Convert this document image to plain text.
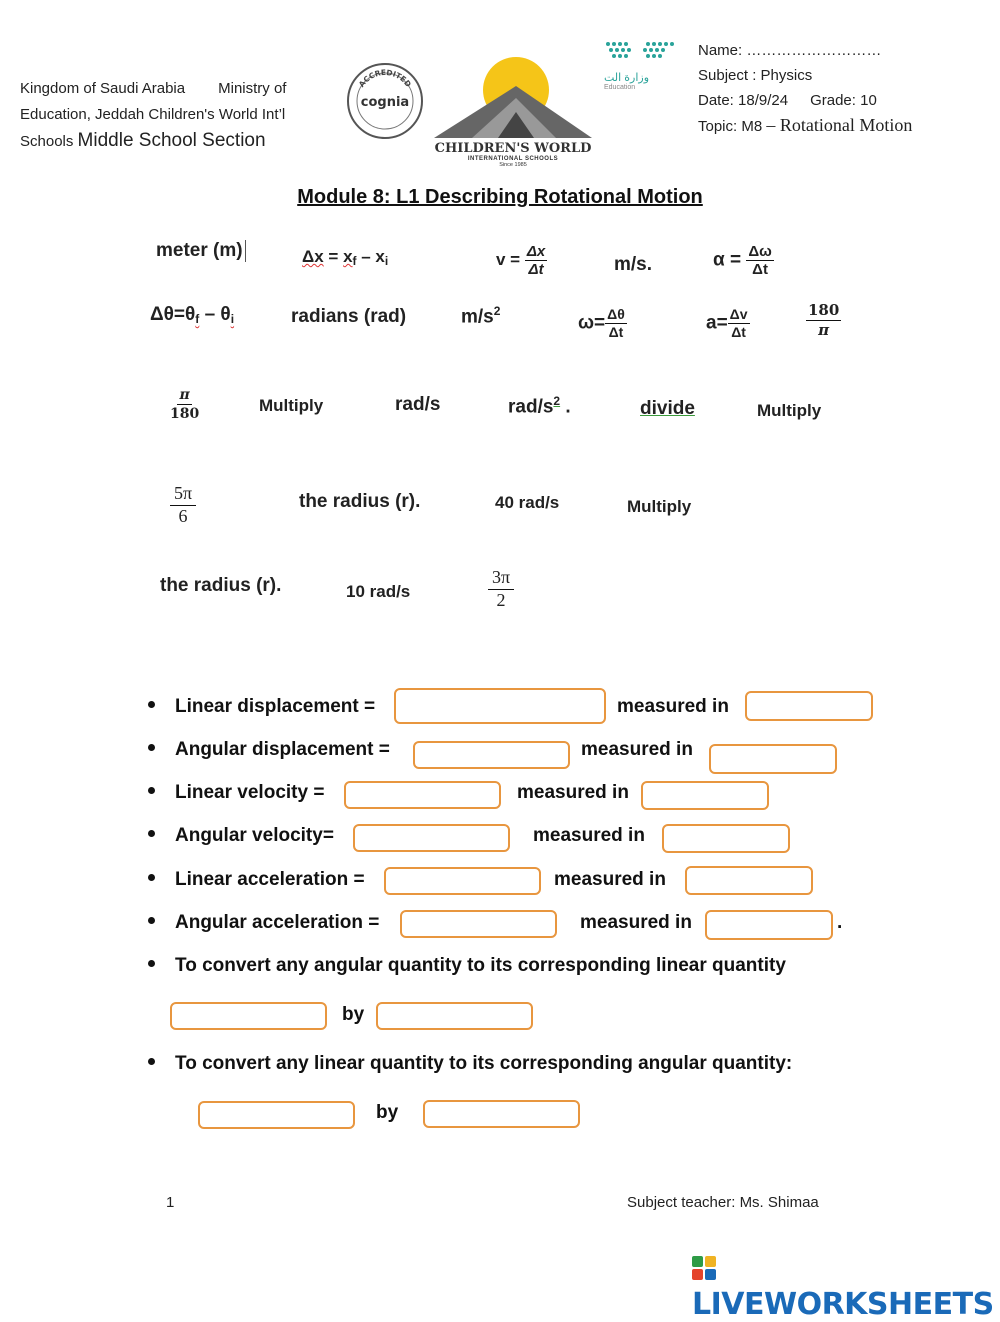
Kingdom of Saudi Arabia Ministry of
Education, Jeddah Children's World Int’l
Schools Middle School Section
ACCREDITED
cognia
CHILDREN'S WORLD
INTERNATIONAL SCHOOLS
Since 1985
وزارة الت
Education
Name: ………………………
Subject : Physics
Date: 18/9/24 Grade: 10
Topic: M8 – Rotational Motion
Module 8: L1 Describing Rotational Motion
meter (m)	$\Delta x = x_f - x_i$	$v = \frac{\Delta x}{\Delta t}$	m/s.	$\alpha = \frac{\Delta\omega}{\Delta t}$
$\Delta\theta=\theta_f - \theta_i$	radians (rad)	$m/s^2$
$\omega= \frac{\Delta\theta}{\Delta t}$	$a= \frac{\Delta v}{\Delta t}$	$\frac{180}{\pi}$
$\frac{\pi}{180}$	Multiply	rad/s	rad/$s^2$ .	divide	Multiply
$\frac{5\pi}{6}$	the radius (r).	40 rad/s	Multiply
the radius (r).	10 rad/s	$\frac{3\pi}{2}$
Linear displacement =	measured in
Angular displacement =	measured in
Linear velocity =	measured in
Angular velocity=	measured in
Linear acceleration =	measured in
Angular acceleration =	measured in	.
To convert any angular quantity to its corresponding linear quantity
by
To convert any linear quantity to its corresponding angular quantity:
by
1	Subject teacher: Ms. Shimaa
LIVEWORKSHEETS
